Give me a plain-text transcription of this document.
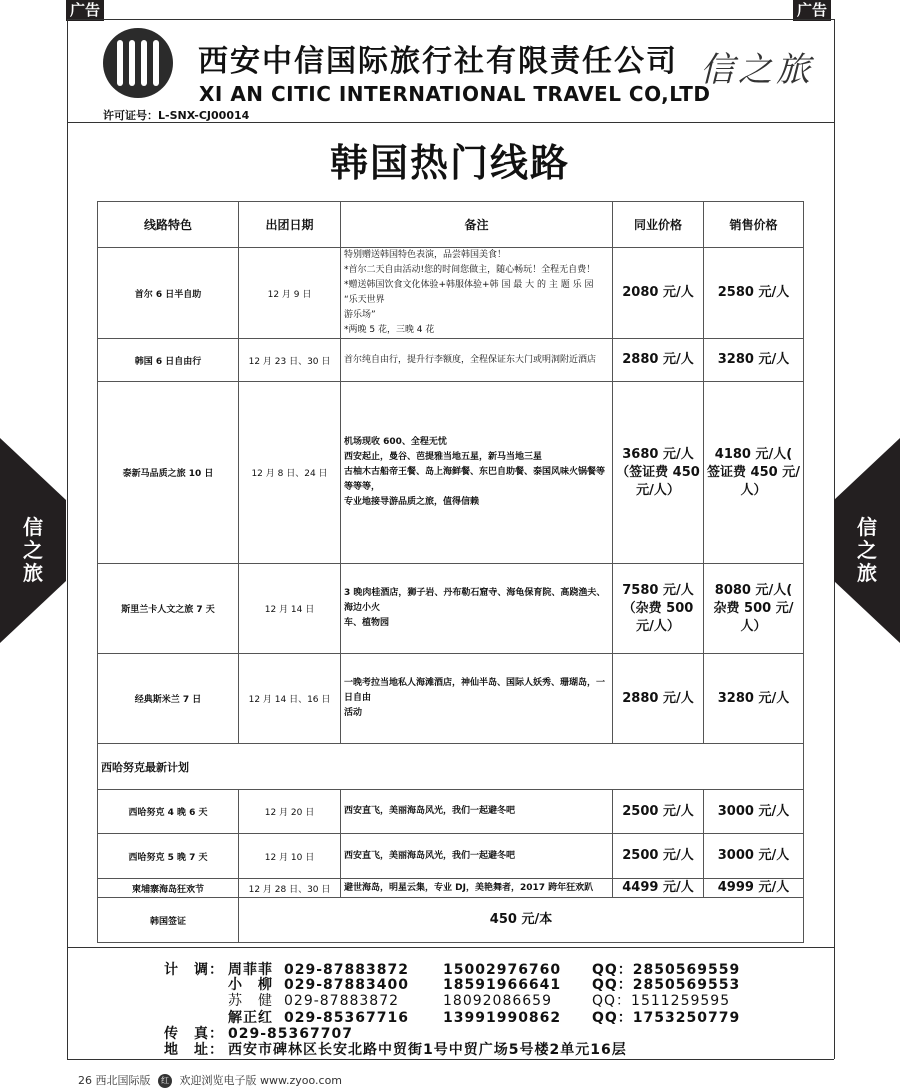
广告	广告
西安中信国际旅行社有限责任公司
XI AN CITIC INTERNATIONAL TRAVEL CO,LTD
许可证号：L-SNX-CJ00014
信之旅
信
之
旅
信
之
旅
韩国热门线路
线路特色	出团日期	备注	同业价格	销售价格
首尔 6 日半自助	12 月 9 日	特别赠送韩国特色表演，品尝韩国美食！
*首尔二天自由活动!您的时间您做主，随心畅玩！全程无自费！
*赠送韩国饮食文化体验+韩服体验+韩 国 最 大 的 主 题 乐 园 “乐天世界
游乐场”
*两晚 5 花，三晚 4 花	2080 元/人	2580 元/人
韩国 6 日自由行	12 月 23 日、30 日	首尔纯自由行，提升行李额度，全程保证东大门或明洞附近酒店	2880 元/人	3280 元/人
泰新马品质之旅 10 日	12 月 8 日、24 日	机场现收 600、全程无忧
西安起止，曼谷、芭提雅当地五星，新马当地三星
古柚木古船帝王餐、岛上海鲜餐、东巴自助餐、泰国风味火锅餐等等等等，
专业地接导游品质之旅，值得信赖	3680 元/人（签证费 450 元/人）	4180 元/人( 签证费 450 元/人）
斯里兰卡人文之旅 7 天	12 月 14 日	3 晚肉桂酒店，狮子岩、丹布勒石窟寺、海龟保育院、高跷渔夫、海边小火
车、植物园	7580 元/人（杂费 500 元/人）	8080 元/人( 杂费 500 元/人）
经典斯米兰 7 日	12 月 14 日、16 日	一晚考拉当地私人海滩酒店，神仙半岛、国际人妖秀、珊瑚岛，一日自由
活动	2880 元/人	3280 元/人
西哈努克最新计划				
西哈努克 4 晚 6 天	12 月 20 日	西安直飞，美丽海岛风光，我们一起避冬吧	2500 元/人	3000 元/人
西哈努克 5 晚 7 天	12 月 10 日	西安直飞，美丽海岛风光，我们一起避冬吧	2500 元/人	3000 元/人
柬埔寨海岛狂欢节	12 月 28 日、30 日	避世海岛，明星云集，专业 DJ，美艳舞者，2017 跨年狂欢趴	4499 元/人	4999 元/人
韩国签证	450 元/本			
计　调： 周菲菲 029-87883872 15002976760 QQ：2850569559
小　柳 029-87883400 18591966641 QQ：2850569553
苏　健 029-87883872	18092086659	QQ：1511259595
解正红 029-85367716 13991990862 QQ：1753250779
传　真： 029-85367707
地　址： 西安市碑林区长安北路中贸街1号中贸广场5号楼2单元16层
26 西北国际版 红 欢迎浏览电子版 www.zyoo.com
